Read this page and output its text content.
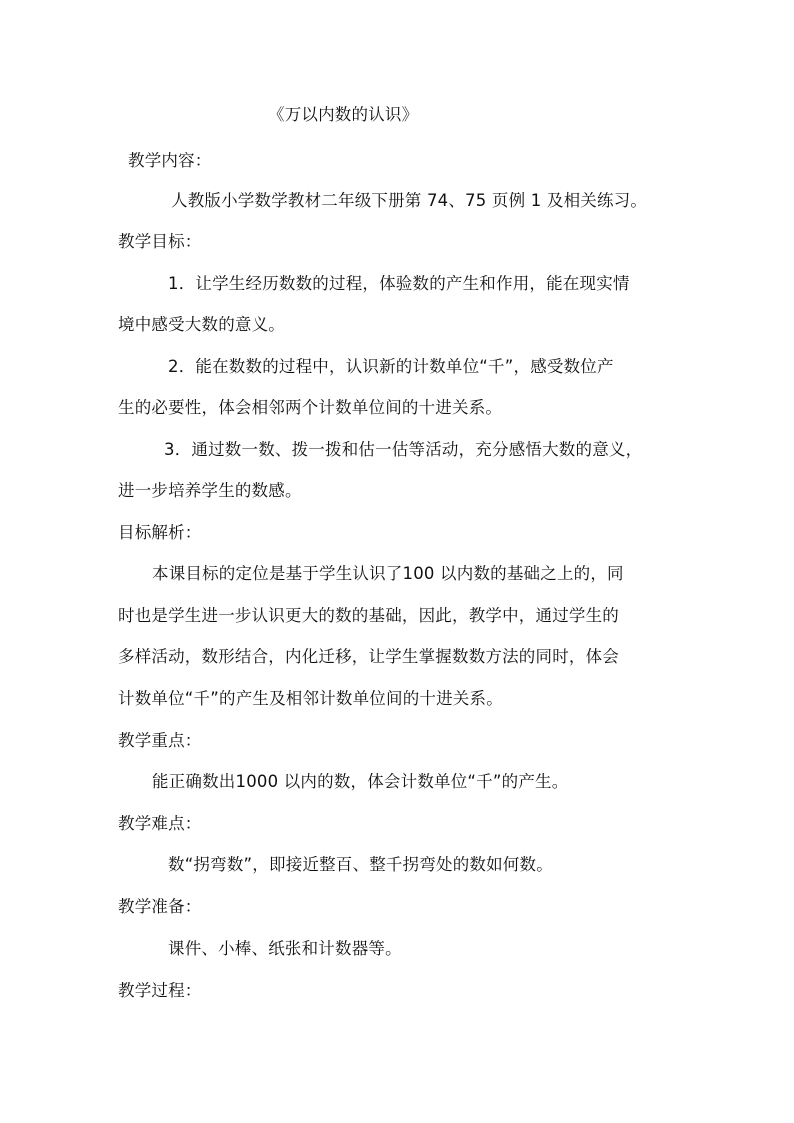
《万以内数的认识》
教学内容：
人教版小学数学教材二年级下册第 74、75 页例 1 及相关练习。
教学目标：
1．让学生经历数数的过程，体验数的产生和作用，能在现实情
境中感受大数的意义。
2．能在数数的过程中，认识新的计数单位“千”，感受数位产
生的必要性，体会相邻两个计数单位间的十进关系。
3．通过数一数、拨一拨和估一估等活动，充分感悟大数的意义，
进一步培养学生的数感。
目标解析：
本课目标的定位是基于学生认识了100 以内数的基础之上的，同
时也是学生进一步认识更大的数的基础，因此，教学中，通过学生的
多样活动，数形结合，内化迁移，让学生掌握数数方法的同时，体会
计数单位“千”的产生及相邻计数单位间的十进关系。
教学重点：
能正确数出1000 以内的数，体会计数单位“千”的产生。
教学难点：
数“拐弯数”，即接近整百、整千拐弯处的数如何数。
教学准备：
课件、小棒、纸张和计数器等。
教学过程：
